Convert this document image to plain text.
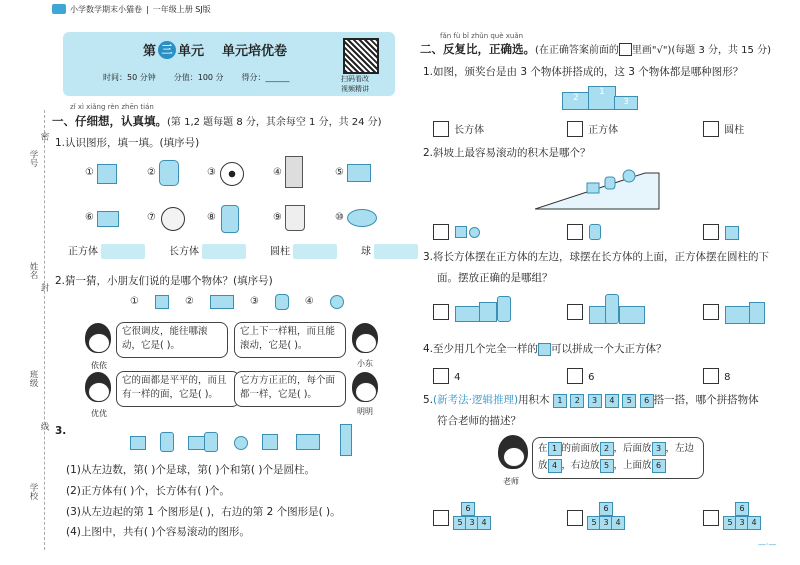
小学数学期末小猫卷 | 一年级上册 SJ版
学号
姓名
班级
学校
密
封
线
第 三 单元 单元培优卷
时间：50 分钟 分值：100 分 得分：______	扫码看改
视频精讲
zǐ xì xiǎng rèn zhēn tián
一、仔细想，认真填。(第 1,2 题每题 8 分，其余每空 1 分，共 24 分)
1.认识图形，填一填。(填序号)
①	②	③	④	⑤
⑥	⑦	⑧	⑨	⑩
正方体	长方体	圆柱	球
2.猜一猜，小朋友们说的是哪个物体？(填序号)
①	②	③	④
依依
它很调皮，能往哪滚动，它是( )。
它上下一样粗，而且能滚动，它是( )。
小东
优优
它的面都是平平的，而且有一样的面，它是( )。
它方方正正的，每个面都一样，它是( )。
明明
3.
(1)从左边数，第( )个是球，第( )个和第( )个是圆柱。
(2)正方体有( )个，长方体有( )个。
(3)从左边起的第 1 个图形是( )，右边的第 2 个图形是( )。
(4)上图中，共有( )个容易滚动的图形。
fǎn fù bǐ zhǔn què xuǎn
二、反复比，正确选。(在正确答案前面的 里画"√")(每题 3 分，共 15 分)
1.如图，颁奖台是由 3 个物体拼搭成的，这 3 个物体都是哪种图形？
2
1
3
长方体	正方体	圆柱
2.斜坡上最容易滚动的积木是哪个？
3.将长方体摆在正方体的左边，球摆在长方体的上面，正方体摆在圆柱的下
面。摆放正确的是哪组？
4.至少用几个完全一样的 可以拼成一个大正方体？
4	6	8
5.(新考法·逻辑推理)用积木 1 2 3 4 5 6 搭一搭，哪个拼搭物体
符合老师的描述？
老师
在 1 的前面放 2 ，后面放 3 ，左边
放 4 ，右边放 5 ，上面放 6
6
5 3 4
6
5 3 4
6
5 3 4
—·—
